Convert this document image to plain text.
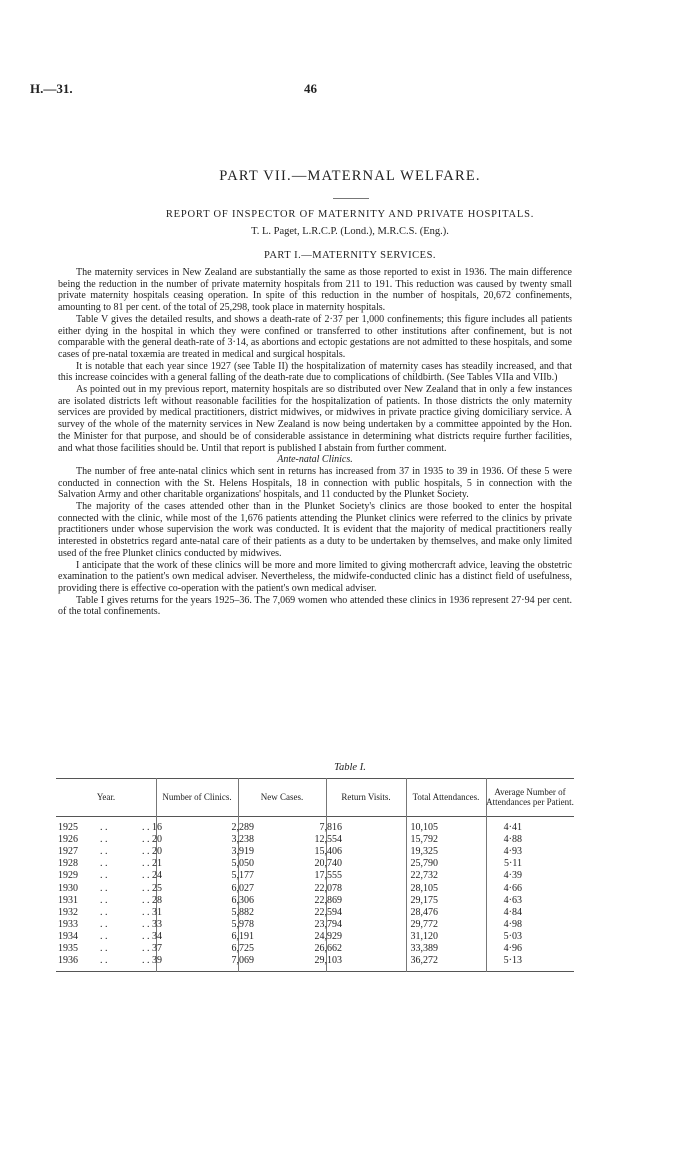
H.—31.	46
PART VII.—MATERNAL WELFARE.
REPORT OF INSPECTOR OF MATERNITY AND PRIVATE HOSPITALS.
T. L. Paget, L.R.C.P. (Lond.), M.R.C.S. (Eng.).
PART I.—MATERNITY SERVICES.

The maternity services in New Zealand are substantially the same as those reported to exist in 1936. The main difference being the reduction in the number of private maternity hospitals from 211 to 191. This reduction was caused by twenty small private maternity hospitals ceasing operation. In spite of this reduction in the number of hospitals, 20,672 confinements, amounting to 81 per cent. of the total of 25,298, took place in maternity hospitals.

Table V gives the detailed results, and shows a death-rate of 2·37 per 1,000 confinements; this figure includes all patients either dying in the hospital in which they were confined or transferred to other institutions after confinement, but is not comparable with the general death-rate of 3·14, as abortions and ectopic gestations are not admitted to these hospitals, and some cases of pre-natal toxæmia are treated in medical and surgical hospitals.

It is notable that each year since 1927 (see Table II) the hospitalization of maternity cases has steadily increased, and that this increase coincides with a general falling of the death-rate due to complications of childbirth. (See Tables VIIa and VIIb.)

As pointed out in my previous report, maternity hospitals are so distributed over New Zealand that in only a few instances are isolated districts left without reasonable facilities for the hospitalization of patients. In those districts the only maternity services are provided by medical practitioners, district midwives, or midwives in private practice giving domiciliary service. A survey of the whole of the maternity services in New Zealand is now being undertaken by a committee appointed by the Hon. the Minister for that purpose, and should be of considerable assistance in determining what districts require further facilities, and what those facilities should be. Until that report is published I abstain from further comment.

Ante-natal Clinics.

The number of free ante-natal clinics which sent in returns has increased from 37 in 1935 to 39 in 1936. Of these 5 were conducted in connection with the St. Helens Hospitals, 18 in connection with public hospitals, 5 in connection with the Salvation Army and other charitable organizations' hospitals, and 11 conducted by the Plunket Society.

The majority of the cases attended other than in the Plunket Society's clinics are those booked to enter the hospital connected with the clinic, while most of the 1,676 patients attending the Plunket clinics were referred to the clinics by private practitioners under whose supervision the work was conducted. It is evident that the majority of medical practitioners really interested in obstetrics regard ante-natal care of their patients as a duty to be undertaken by themselves, and make only limited used of the free Plunket clinics conducted by midwives.

I anticipate that the work of these clinics will be more and more limited to giving mothercraft advice, leaving the obstetric examination to the patient's own medical adviser. Nevertheless, the midwife-conducted clinic has a distinct field of usefulness, providing there is effective co-operation with the patient's own medical adviser.

Table I gives returns for the years 1925–36. The 7,069 women who attended these clinics in 1936 represent 27·94 per cent. of the total confinements.

Table I.
Year.	Number of Clinics.	New Cases.	Return Visits.	Total Attendances.	Average Number of Attendances per Patient.
1925 . .	. . 16	2,289	7,816	10,105	4·41
1926 . .	. . 20	3,238	12,554	15,792	4·88
1927 . .	. . 20	3,919	15,406	19,325	4·93
1928 . .	. . 21	5,050	20,740	25,790	5·11
1929 . .	. . 24	5,177	17,555	22,732	4·39
1930 . .	. . 25	6,027	22,078	28,105	4·66
1931 . .	. . 28	6,306	22,869	29,175	4·63
1932 . .	. . 31	5,882	22,594	28,476	4·84
1933 . .	. . 33	5,978	23,794	29,772	4·98
1934 . .	. . 34	6,191	24,929	31,120	5·03
1935 . .	. . 37	6,725	26,662	33,389	4·96
1936 . .	. . 39	7,069	29,103	36,272	5·13
